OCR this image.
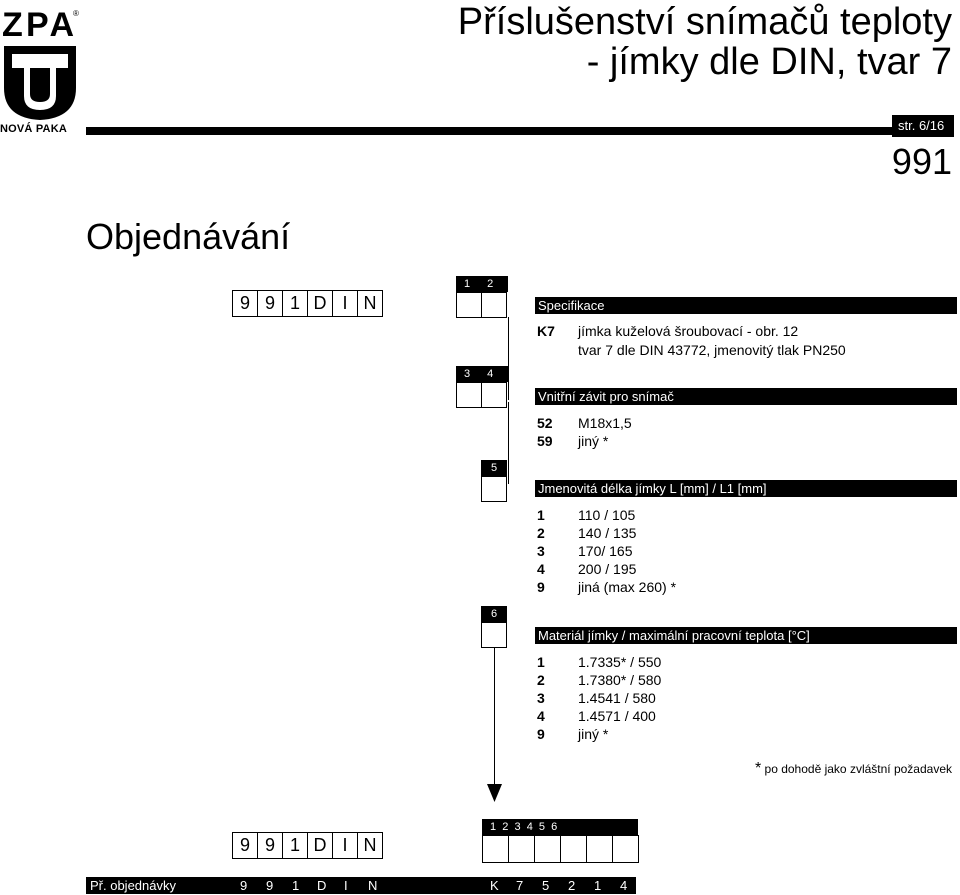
ZPA ®
NOVÁ PAKA
Příslušenství snímačů teploty
- jímky dle DIN, tvar 7
str. 6/16
991
Objednávání
9 9 1 D I N
1 2
3 4
5
6
Specifikace
K7 jímka kuželová šroubovací - obr. 12
tvar 7 dle DIN 43772, jmenovitý tlak PN250
Vnitřní závit pro snímač
52 M18x1,5
59 jiný *
Jmenovitá délka jímky L [mm] / L1 [mm]
1 110 / 105
2 140 / 135
3 170/ 165
4 200 / 195
9 jiná (max 260) *
Materiál jímky / maximální pracovní teplota [°C]
1 1.7335* / 550
2 1.7380* / 580
3 1.4541 / 580
4 1.4571 / 400
9 jiný *
* po dohodě jako zvláštní požadavek
9 9 1 D I N
1  2  3  4  5  6
Př. objednávky	9 9 1 D I N	K 7 5 2 1 4
